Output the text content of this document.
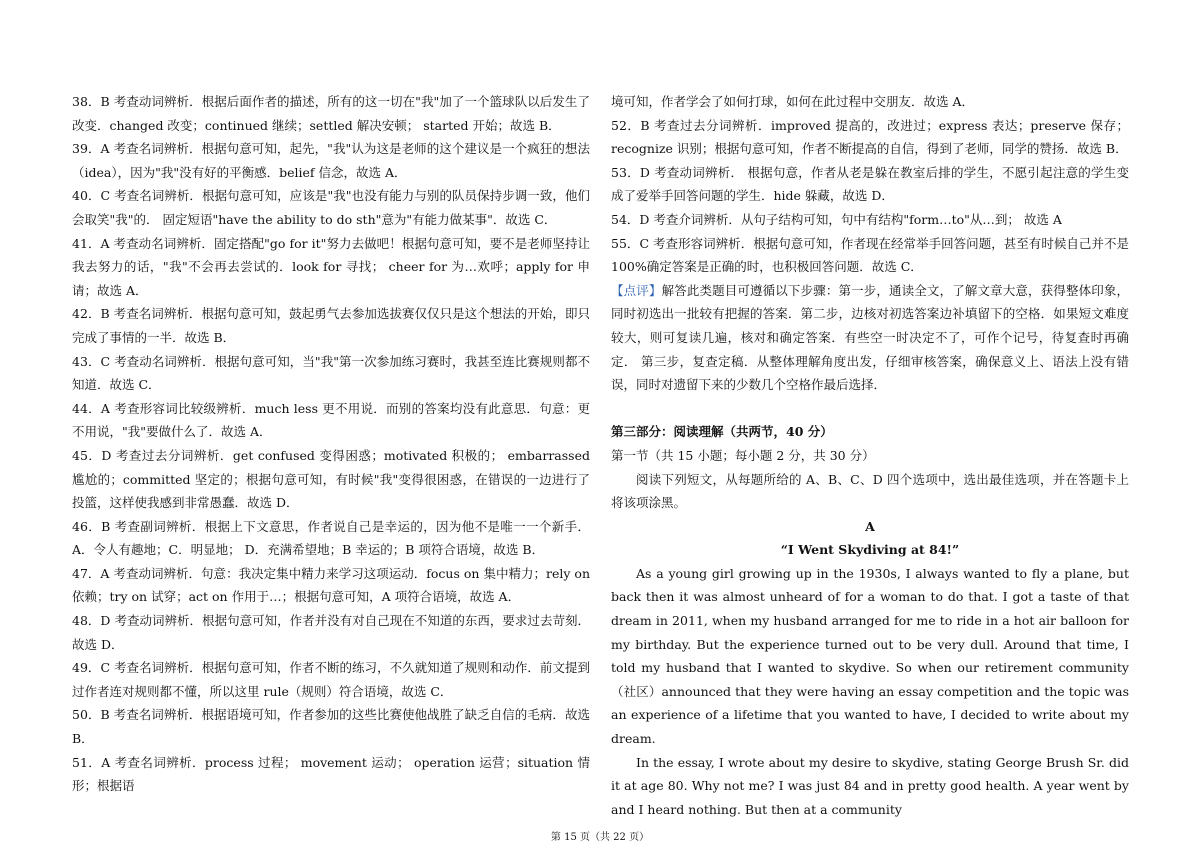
38．B 考查动词辨析．根据后面作者的描述，所有的这一切在"我"加了一个篮球队以后发生了改变．changed 改变；continued 继续；settled 解决安顿； started 开始；故选 B．

39．A 考查名词辨析．根据句意可知，起先，"我"认为这是老师的这个建议是一个疯狂的想法（idea），因为"我"没有好的平衡感．belief 信念，故选 A．

40．C 考查名词辨析．根据句意可知，应该是"我"也没有能力与别的队员保持步调一致，他们会取笑"我"的． 固定短语"have the ability to do sth"意为"有能力做某事"．故选 C．

41．A 考查动名词辨析．固定搭配"go for it"努力去做吧！根据句意可知，要不是老师坚持让我去努力的话，"我"不会再去尝试的．look for 寻找； cheer for 为…欢呼；apply for 申请；故选 A．

42．B 考查名词辨析．根据句意可知，鼓起勇气去参加选拔赛仅仅只是这个想法的开始，即只完成了事情的一半．故选 B．

43．C 考查动名词辨析．根据句意可知，当"我"第一次参加练习赛时，我甚至连比赛规则都不知道．故选 C．

44．A 考查形容词比较级辨析．much less 更不用说．而别的答案均没有此意思．句意：更不用说，"我"要做什么了．故选 A．

45．D 考查过去分词辨析．get confused 变得困惑；motivated 积极的； embarrassed 尴尬的；committed 坚定的；根据句意可知，有时候"我"变得很困惑，在错误的一边进行了投篮，这样使我感到非常愚蠢．故选 D．

46．B 考查副词辨析．根据上下文意思，作者说自己是幸运的，因为他不是唯一一个新手．A．令人有趣地；C．明显地； D．充满希望地；B 幸运的；B 项符合语境，故选 B．

47．A 考查动词辨析．句意：我决定集中精力来学习这项运动．focus on 集中精力；rely on 依赖；try on 试穿；act on 作用于…；根据句意可知，A 项符合语境，故选 A．

48．D 考查动词辨析．根据句意可知，作者并没有对自己现在不知道的东西，要求过去苛刻．故选 D．

49．C 考查名词辨析．根据句意可知，作者不断的练习，不久就知道了规则和动作．前文提到过作者连对规则都不懂，所以这里 rule（规则）符合语境，故选 C．

50．B 考查名词辨析．根据语境可知，作者参加的这些比赛使他战胜了缺乏自信的毛病．故选 B．

51．A 考查名词辨析．process 过程； movement 运动； operation 运营；situation 情形；根据语

境可知，作者学会了如何打球，如何在此过程中交朋友．故选 A．

52．B 考查过去分词辨析．improved 提高的，改进过；express 表达；preserve 保存；recognize 识别；根据句意可知，作者不断提高的自信，得到了老师，同学的赞扬．故选 B．

53．D 考查动词辨析． 根据句意，作者从老是躲在教室后排的学生，不愿引起注意的学生变成了爱举手回答问题的学生．hide 躲藏，故选 D．

54．D 考查介词辨析．从句子结构可知，句中有结构"form…to"从…到； 故选 A

55．C 考查形容词辨析．根据句意可知，作者现在经常举手回答问题，甚至有时候自己并不是100%确定答案是正确的时，也积极回答问题．故选 C．

【点评】解答此类题目可遵循以下步骤：第一步，通读全文，了解文章大意，获得整体印象，同时初选出一批较有把握的答案．第二步，边核对初选答案边补填留下的空格．如果短文难度较大，则可复读几遍，核对和确定答案．有些空一时决定不了，可作个记号，待复查时再确定． 第三步，复查定稿．从整体理解角度出发，仔细审核答案，确保意义上、语法上没有错误，同时对遗留下来的少数几个空格作最后选择．

第三部分：阅读理解（共两节，40 分）

第一节（共 15 小题；每小题 2 分，共 30 分）

阅读下列短文，从每题所给的 A、B、C、D 四个选项中，选出最佳选项，并在答题卡上将该项涂黑。

A

“I Went Skydiving at 84!”

As a young girl growing up in the 1930s, I always wanted to fly a plane, but back then it was almost unheard of for a woman to do that. I got a taste of that dream in 2011, when my husband arranged for me to ride in a hot air balloon for my birthday. But the experience turned out to be very dull. Around that time, I told my husband that I wanted to skydive. So when our retirement community（社区）announced that they were having an essay competition and the topic was an experience of a lifetime that you wanted to have, I decided to write about my dream.

In the essay, I wrote about my desire to skydive, stating George Brush Sr. did it at age 80. Why not me? I was just 84 and in pretty good health. A year went by and I heard nothing. But then at a community

第 15 页（共 22 页）
